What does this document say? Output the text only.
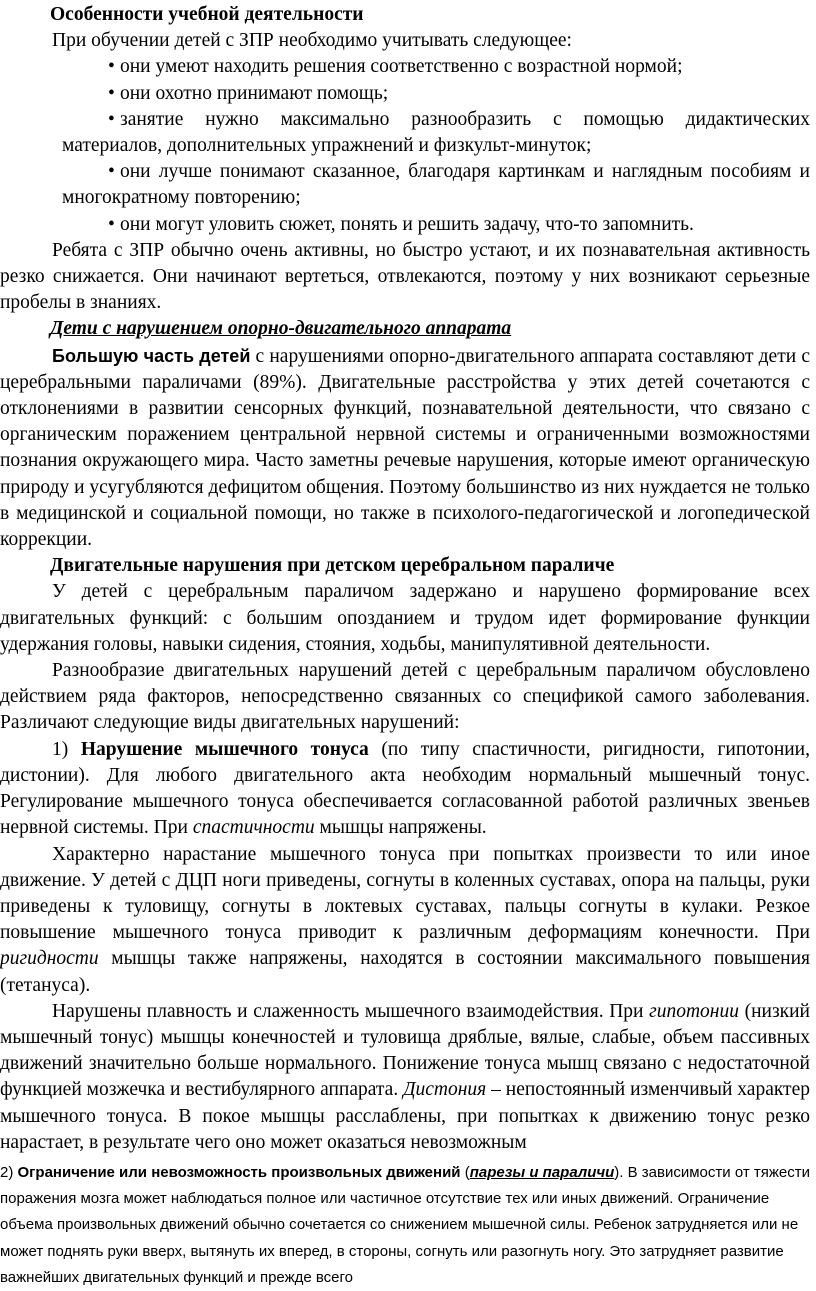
Особенности учебной деятельности

При обучении детей с ЗПР необходимо учитывать следующее:

• они умеют находить решения соответственно с возрастной нормой;
• они охотно принимают помощь;
• занятие нужно максимально разнообразить с помощью дидактических материалов, дополнительных упражнений и физкульт-минуток;
• они лучше понимают сказанное, благодаря картинкам и наглядным пособиям и многократному повторению;
• они могут уловить сюжет, понять и решить задачу, что-то запомнить.

Ребята с ЗПР обычно очень активны, но быстро устают, и их познавательная активность резко снижается. Они начинают вертеться, отвлекаются, поэтому у них возникают серьезные пробелы в знаниях.

Дети с нарушением опорно-двигательного аппарата

Большую часть детей с нарушениями опорно-двигательного аппарата составляют дети с церебральными параличами (89%). Двигательные расстройства у этих детей сочетаются с отклонениями в развитии сенсорных функций, познавательной деятельности, что связано с органическим поражением центральной нервной системы и ограниченными возможностями познания окружающего мира. Часто заметны речевые нарушения, которые имеют органическую природу и усугубляются дефицитом общения. Поэтому большинство из них нуждается не только в медицинской и социальной помощи, но также в психолого-педагогической и логопедической коррекции.

Двигательные нарушения при детском церебральном параличе

У детей с церебральным параличом задержано и нарушено формирование всех двигательных функций: с большим опозданием и трудом идет формирование функции удержания головы, навыки сидения, стояния, ходьбы, манипулятивной деятельности.

Разнообразие двигательных нарушений детей с церебральным параличом обусловлено действием ряда факторов, непосредственно связанных со спецификой самого заболевания. Различают следующие виды двигательных нарушений:

1) Нарушение мышечного тонуса (по типу спастичности, ригидности, гипотонии, дистонии). Для любого двигательного акта необходим нормальный мышечный тонус. Регулирование мышечного тонуса обеспечивается согласованной работой различных звеньев нервной системы. При спастичности мышцы напряжены.

Характерно нарастание мышечного тонуса при попытках произвести то или иное движение. У детей с ДЦП ноги приведены, согнуты в коленных суставах, опора на пальцы, руки приведены к туловищу, согнуты в локтевых суставах, пальцы согнуты в кулаки. Резкое повышение мышечного тонуса приводит к различным деформациям конечности. При ригидности мышцы также напряжены, находятся в состоянии максимального повышения (тетануса).

Нарушены плавность и слаженность мышечного взаимодействия. При гипотонии (низкий мышечный тонус) мышцы конечностей и туловища дряблые, вялые, слабые, объем пассивных движений значительно больше нормального. Понижение тонуса мышц связано с недостаточной функцией мозжечка и вестибулярного аппарата. Дистония – непостоянный изменчивый характер мышечного тонуса. В покое мышцы расслаблены, при попытках к движению тонус резко нарастает, в результате чего оно может оказаться невозможным

2) Ограничение или невозможность произвольных движений (парезы и параличи). В зависимости от тяжести поражения мозга может наблюдаться полное или частичное отсутствие тех или иных движений. Ограничение объема произвольных движений обычно сочетается со снижением мышечной силы. Ребенок затрудняется или не может поднять руки вверх, вытянуть их вперед, в стороны, согнуть или разогнуть ногу. Это затрудняет развитие важнейших двигательных функций и прежде всего
